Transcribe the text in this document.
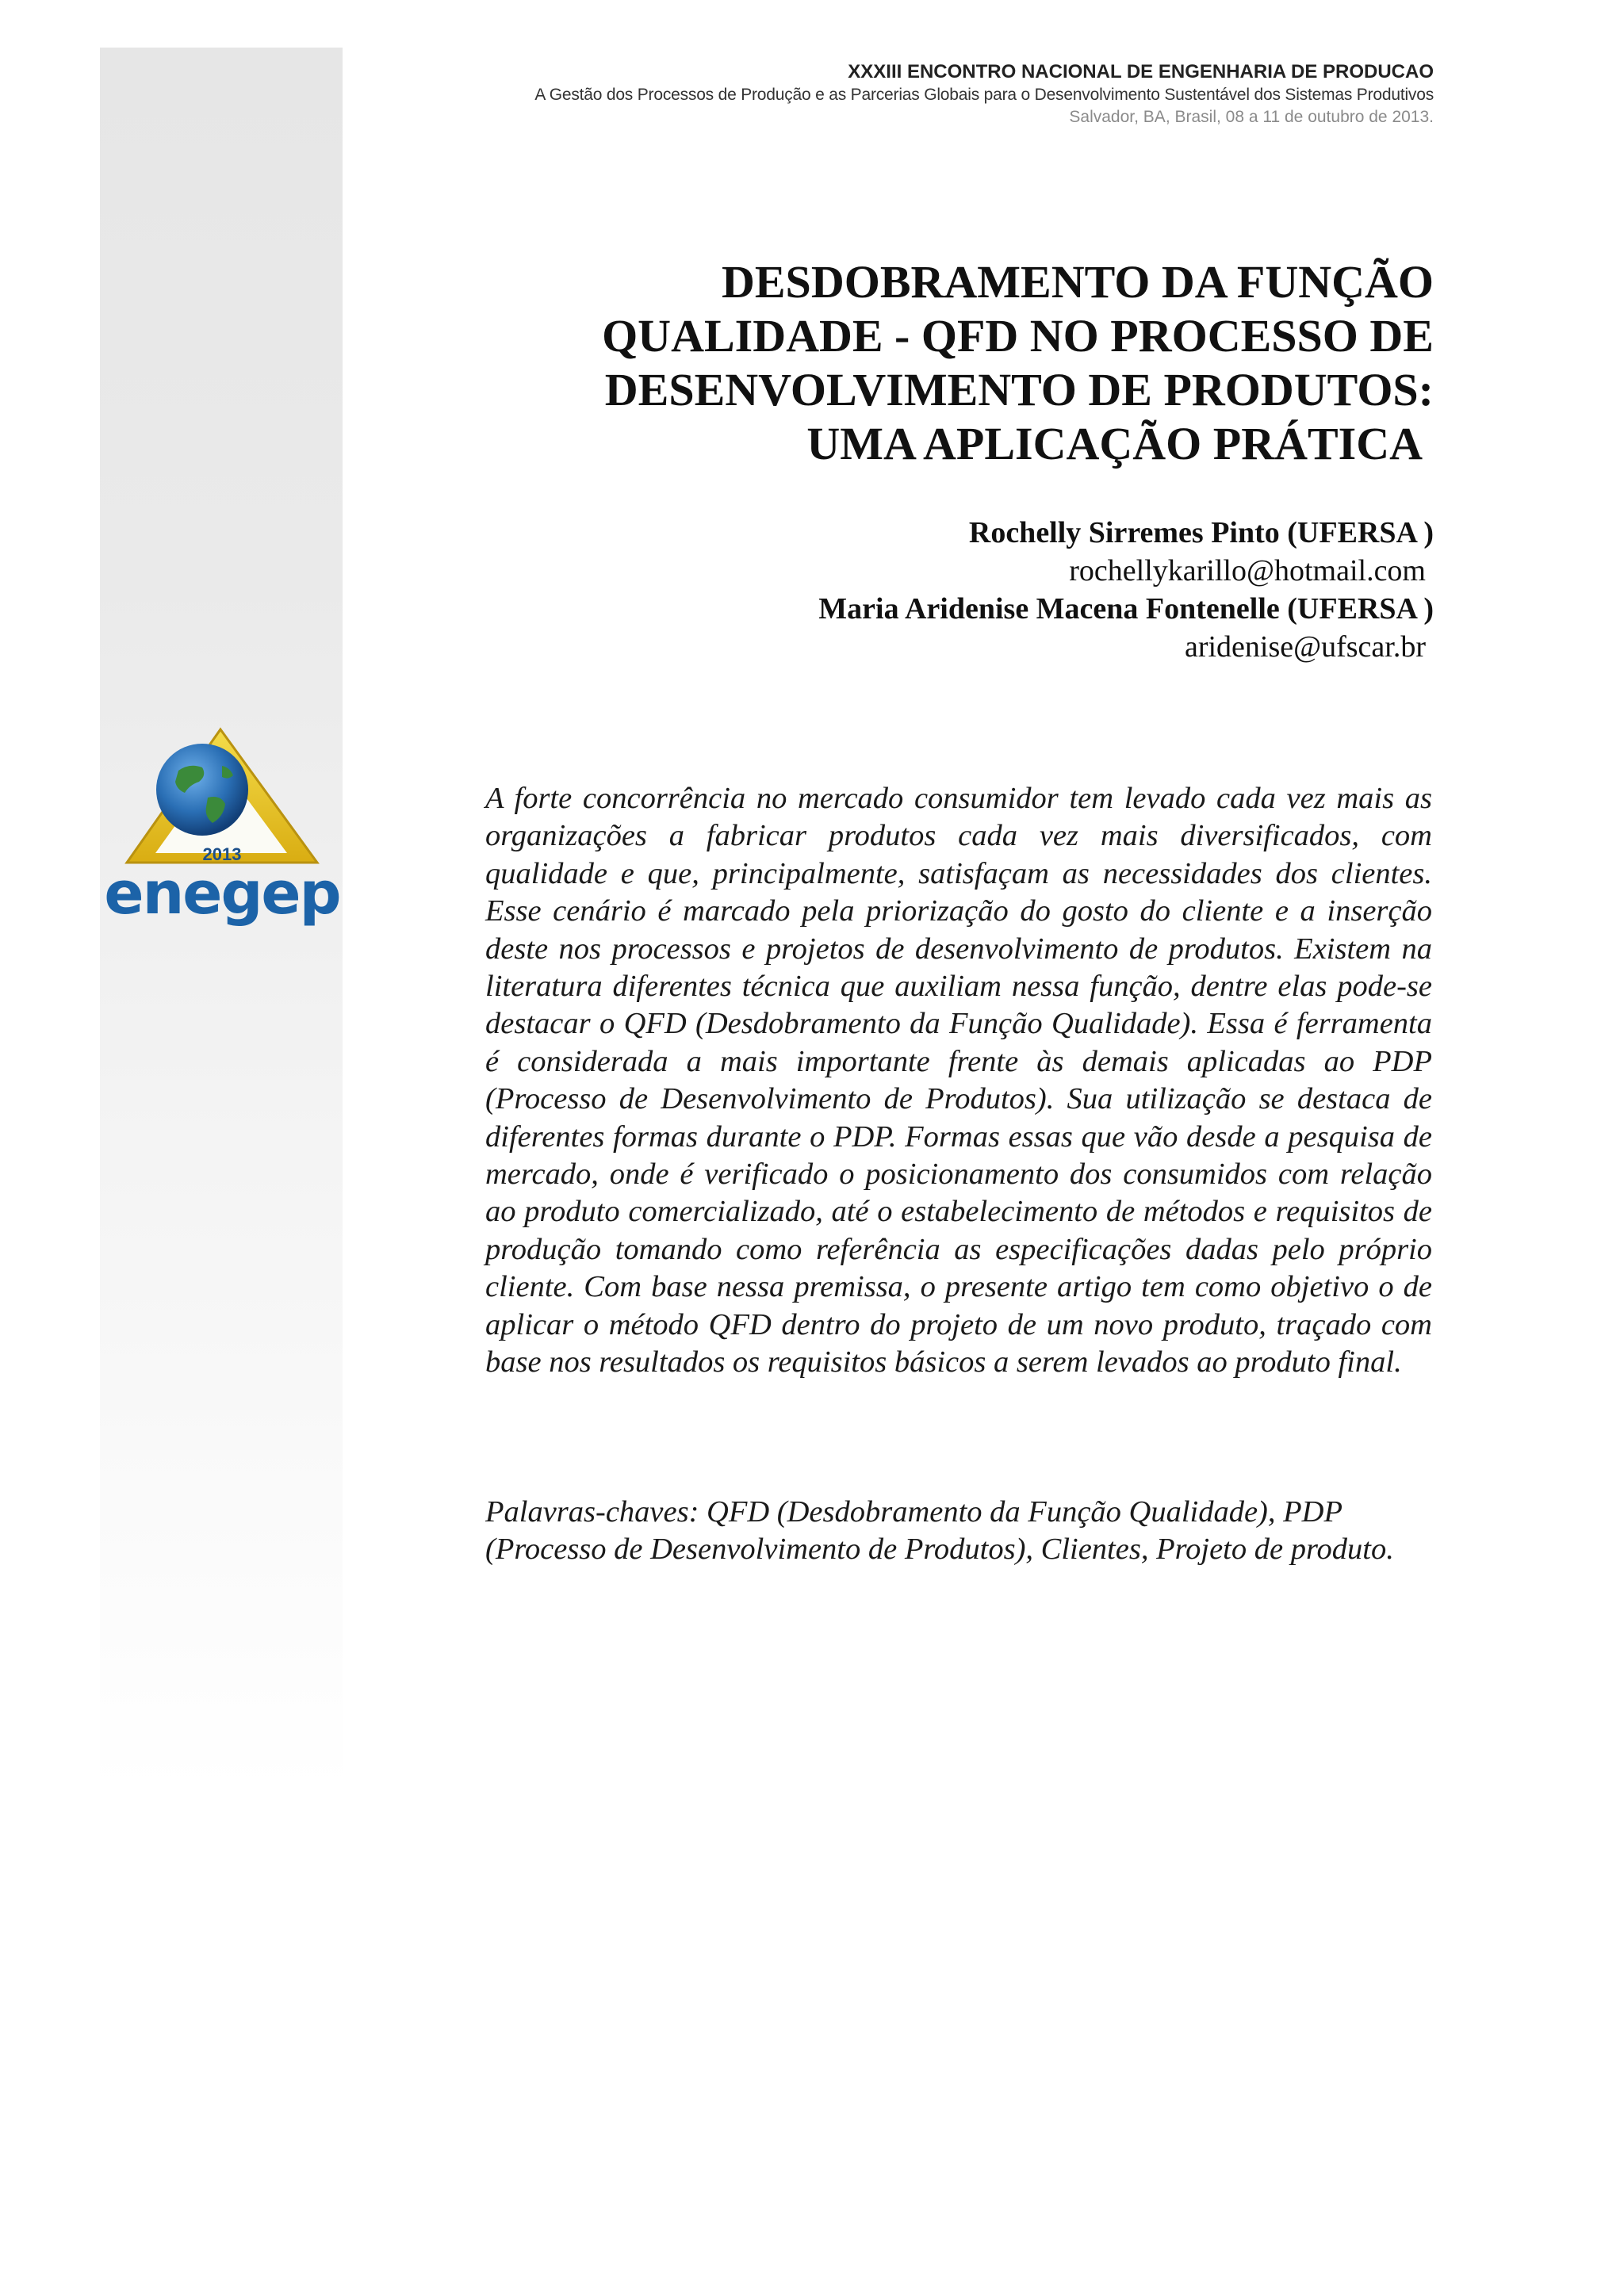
2013
enegep
XXXIII ENCONTRO NACIONAL DE ENGENHARIA DE PRODUCAO
A Gestão dos Processos de Produção e as Parcerias Globais para o Desenvolvimento Sustentável dos Sistemas Produtivos
Salvador, BA, Brasil, 08 a 11 de outubro de 2013.
DESDOBRAMENTO DA FUNÇÃO
QUALIDADE - QFD NO PROCESSO DE
DESENVOLVIMENTO DE PRODUTOS:
UMA APLICAÇÃO PRÁTICA
Rochelly Sirremes Pinto (UFERSA )
rochellykarillo@hotmail.com
Maria Aridenise Macena Fontenelle (UFERSA )
aridenise@ufscar.br

A forte concorrência no mercado consumidor tem levado cada vez mais as organizações a fabricar produtos cada vez mais diversificados, com qualidade e que, principalmente, satisfaçam as necessidades dos clientes. Esse cenário é marcado pela priorização do gosto do cliente e a inserção deste nos processos e projetos de desenvolvimento de produtos. Existem na literatura diferentes técnica que auxiliam nessa função, dentre elas pode-se destacar o QFD (Desdobramento da Função Qualidade). Essa é ferramenta é considerada a mais importante frente às demais aplicadas ao PDP (Processo de Desenvolvimento de Produtos). Sua utilização se destaca de diferentes formas durante o PDP. Formas essas que vão desde a pesquisa de mercado, onde é verificado o posicionamento dos consumidos com relação ao produto comercializado, até o estabelecimento de métodos e requisitos de produção tomando como referência as especificações dadas pelo próprio cliente. Com base nessa premissa, o presente artigo tem como objetivo o de aplicar o método QFD dentro do projeto de um novo produto, traçado com base nos resultados os requisitos básicos a serem levados ao produto final.

Palavras-chaves: QFD (Desdobramento da Função Qualidade), PDP (Processo de Desenvolvimento de Produtos), Clientes, Projeto de produto.
